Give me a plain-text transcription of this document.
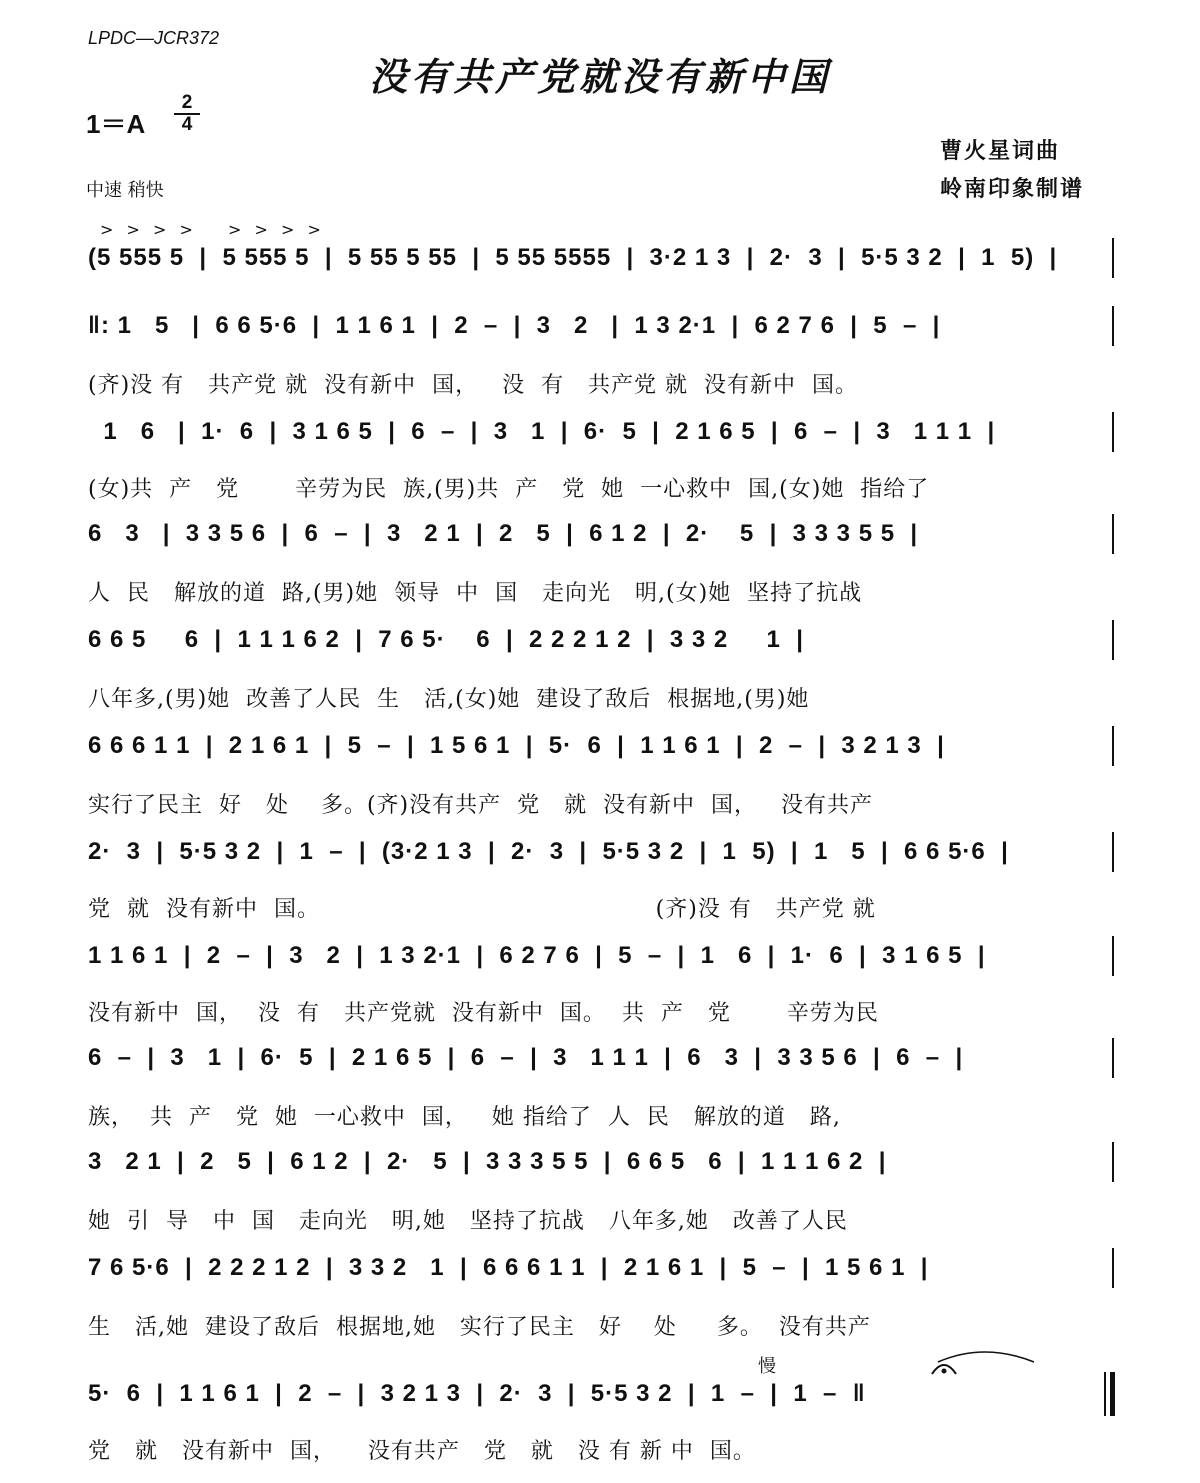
LPDC—JCR372
没有共产党就没有新中国
1＝A
2
4
曹火星词曲
岭南印象制谱
中速 稍快
> > > > > > > >
慢
(5 555 5  |  5 555 5  |  5 55 5 55  |  5 55 5555  |  3·2 1 3  |  2·  3  |  5·5 3 2  |  1  5)  |
‖: 1   5   |  6 6 5·6  |  1 1 6 1  |  2  –  |  3   2   |  1 3 2·1  |  6 2 7 6  |  5  –  |
(齐)没 有   共产党 就  没有新中  国，   没  有   共产党 就  没有新中  国。
1   6   |  1·  6  |  3 1 6 5  |  6  –  |  3   1  |  6·  5  |  2 1 6 5  |  6  –  |  3   1 1 1  |
(女)共  产   党       辛劳为民  族,(男)共  产   党  她  一心救中  国,(女)她  指给了
6   3   |  3 3 5 6  |  6  –  |  3   2 1  |  2   5  |  6 1 2  |  2·    5  |  3 3 3 5 5  |
人  民   解放的道  路,(男)她  领导  中  国   走向光   明,(女)她  坚持了抗战
6 6 5     6  |  1 1 1 6 2  |  7 6 5·    6  |  2 2 2 1 2  |  3 3 2     1  |
八年多,(男)她  改善了人民  生   活,(女)她  建设了敌后  根据地,(男)她
6 6 6 1 1  |  2 1 6 1  |  5  –  |  1 5 6 1  |  5·  6  |  1 1 6 1  |  2  –  |  3 2 1 3  |
实行了民主  好   处    多。(齐)没有共产  党   就  没有新中  国，   没有共产
2·  3  |  5·5 3 2  |  1  –  |  (3·2 1 3  |  2·  3  |  5·5 3 2  |  1  5)  |  1   5  |  6 6 5·6  |
党  就  没有新中  国。                                          (齐)没 有   共产党 就
1 1 6 1  |  2  –  |  3   2  |  1 3 2·1  |  6 2 7 6  |  5  –  |  1   6  |  1·  6  |  3 1 6 5  |
没有新中  国，  没  有   共产党就  没有新中  国。  共  产   党       辛劳为民
6  –  |  3   1  |  6·  5  |  2 1 6 5  |  6  –  |  3   1 1 1  |  6   3  |  3 3 5 6  |  6  –  |
族，  共  产   党  她  一心救中  国，   她 指给了  人  民   解放的道   路,
3   2 1  |  2   5  |  6 1 2  |  2·   5  |  3 3 3 5 5  |  6 6 5   6  |  1 1 1 6 2  |
她  引  导   中  国   走向光   明,她   坚持了抗战   八年多,她   改善了人民
7 6 5·6  |  2 2 2 1 2  |  3 3 2   1  |  6 6 6 1 1  |  2 1 6 1  |  5  –  |  1 5 6 1  |
生   活,她  建设了敌后  根据地,她   实行了民主   好    处     多。  没有共产
5·  6  |  1 1 6 1  |  2  –  |  3 2 1 3  |  2·  3  |  5·5 3 2  |  1  –  |  1  –  ‖
党   就   没有新中  国，    没有共产   党   就   没 有 新 中  国。
